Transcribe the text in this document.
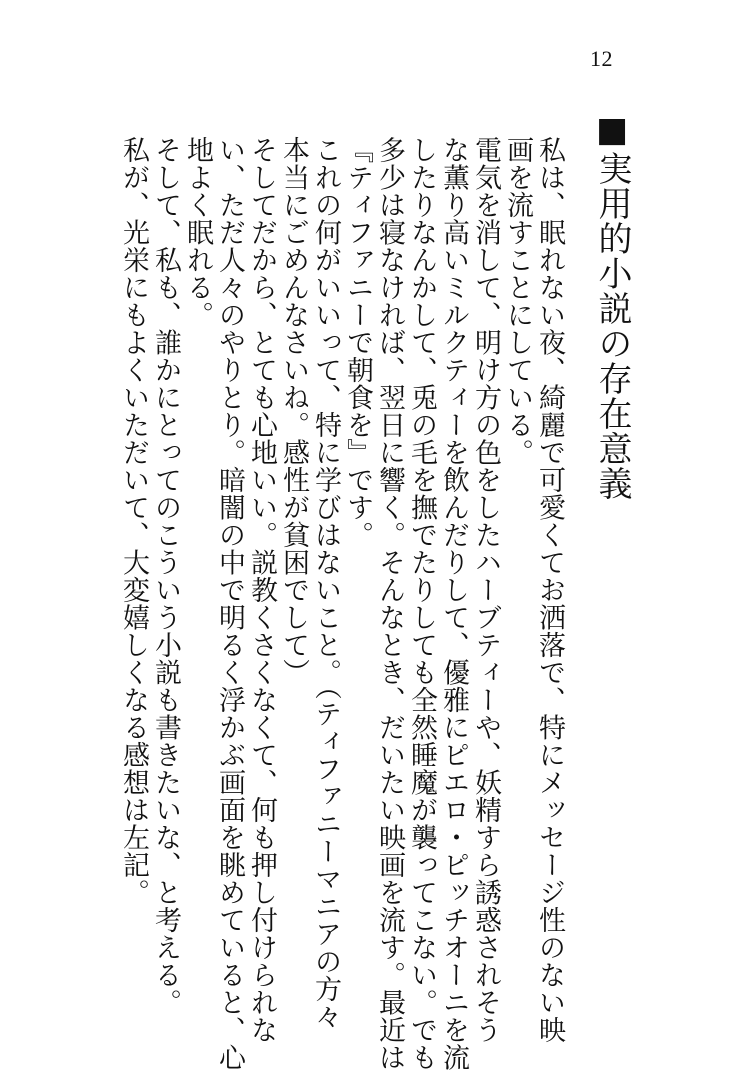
12
■実用的小説の存在意義
私は、眠れない夜、綺麗で可愛くてお洒落で、特にメッセージ性のない映
画を流すことにしている。
電気を消して、明け方の色をしたハーブティーや、妖精すら誘惑されそう
な薫り高いミルクティーを飲んだりして、優雅にピエロ・ピッチオーニを流
したりなんかして、兎の毛を撫でたりしても全然睡魔が襲ってこない。でも
多少は寝なければ、翌日に響く。そんなとき、だいたい映画を流す。最近は
『ティファニーで朝食を』です。
これの何がいいって、特に学びはないこと。（ティファニーマニアの方々
本当にごめんなさいね。感性が貧困でして）
そしてだから、とても心地いい。説教くさくなくて、何も押し付けられな
い、ただ人々のやりとり。暗闇の中で明るく浮かぶ画面を眺めていると、心
地よく眠れる。
そして、私も、誰かにとってのこういう小説も書きたいな、と考える。
私が、光栄にもよくいただいて、大変嬉しくなる感想は左記。
